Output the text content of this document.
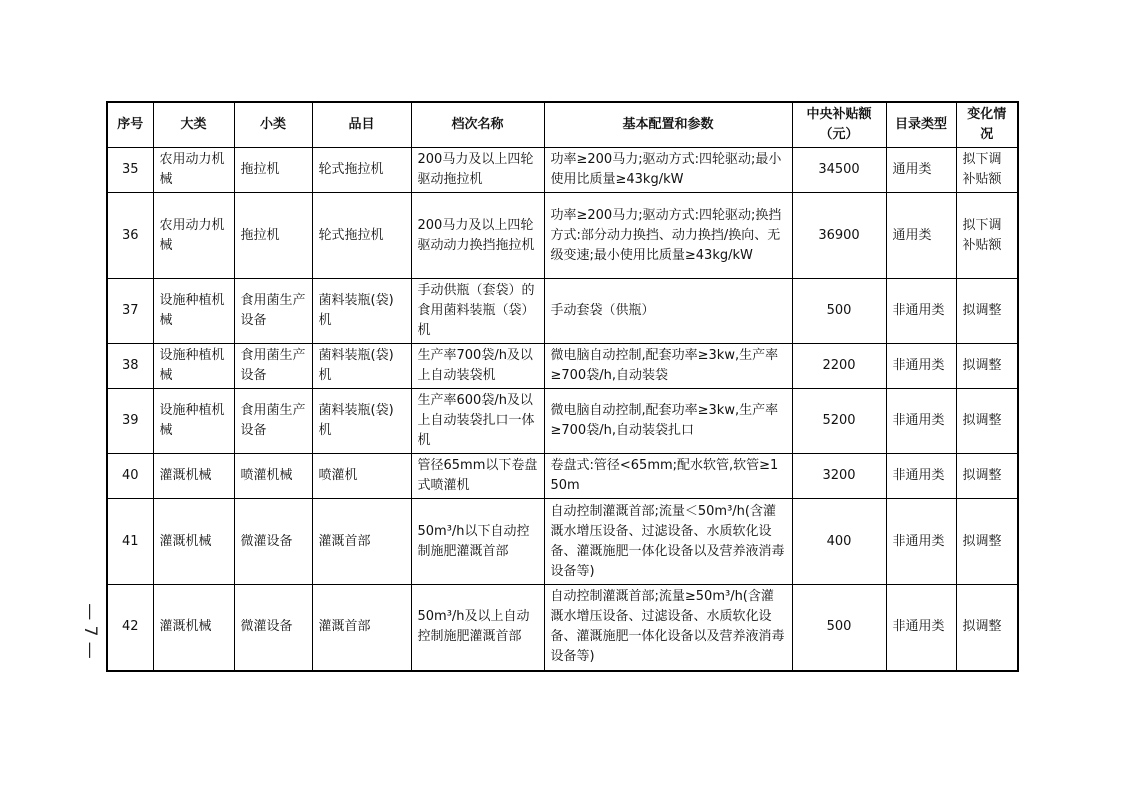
序号	大类	小类	品目	档次名称	基本配置和参数	中央补贴额（元）	目录类型	变化情况
35	农用动力机械	拖拉机	轮式拖拉机	200马力及以上四轮驱动拖拉机	功率≥200马力;驱动方式:四轮驱动;最小使用比质量≥43kg/kW	34500	通用类	拟下调补贴额
36	农用动力机械	拖拉机	轮式拖拉机	200马力及以上四轮驱动动力换挡拖拉机	功率≥200马力;驱动方式:四轮驱动;换挡方式:部分动力换挡、动力换挡/换向、无级变速;最小使用比质量≥43kg/kW	36900	通用类	拟下调补贴额
37	设施种植机械	食用菌生产设备	菌料装瓶(袋)机	手动供瓶（套袋）的食用菌料装瓶（袋）机	手动套袋（供瓶）	500	非通用类	拟调整
38	设施种植机械	食用菌生产设备	菌料装瓶(袋)机	生产率700袋/h及以上自动装袋机	微电脑自动控制,配套功率≥3kw,生产率≥700袋/h,自动装袋	2200	非通用类	拟调整
39	设施种植机械	食用菌生产设备	菌料装瓶(袋)机	生产率600袋/h及以上自动装袋扎口一体机	微电脑自动控制,配套功率≥3kw,生产率≥700袋/h,自动装袋扎口	5200	非通用类	拟调整
40	灌溉机械	喷灌机械	喷灌机	管径65mm以下卷盘式喷灌机	卷盘式:管径<65mm;配水软管,软管≥150m	3200	非通用类	拟调整
41	灌溉机械	微灌设备	灌溉首部	50m³/h以下自动控制施肥灌溉首部	自动控制灌溉首部;流量＜50m³/h(含灌溉水增压设备、过滤设备、水质软化设备、灌溉施肥一体化设备以及营养液消毒设备等)	400	非通用类	拟调整
42	灌溉机械	微灌设备	灌溉首部	50m³/h及以上自动控制施肥灌溉首部	自动控制灌溉首部;流量≥50m³/h(含灌溉水增压设备、过滤设备、水质软化设备、灌溉施肥一体化设备以及营养液消毒设备等)	500	非通用类	拟调整
— 7 —
